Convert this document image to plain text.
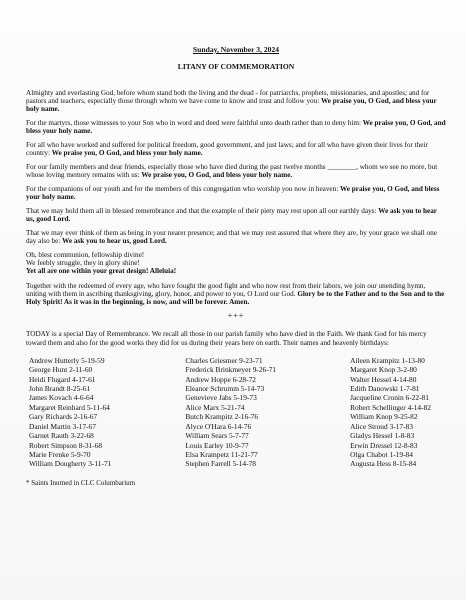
Sunday, November 3, 2024

LITANY OF COMMEMORATION

Almighty and everlasting God, before whom stand both the living and the dead - for patriarchs, prophets, missionaries, and apostles; and for pastors and teachers, especially those through whom we have come to know and trust and follow you: We praise you, O God, and bless your holy name.

For the martyrs, those witnesses to your Son who in word and deed were faithful unto death rather than to deny him: We praise you, O God, and bless your holy name.

For all who have worked and suffered for political freedom, good government, and just laws; and for all who have given their lives for their country: We praise you, O God, and bless your holy name.

For our family members and dear friends, especially those who have died during the past twelve months ________, whom we see no more, but whose loving memory remains with us: We praise you, O God, and bless your holy name.

For the companions of our youth and for the members of this congregation who worship you now in heaven: We praise you, O God, and bless your holy name.

That we may hold them all in blessed remembrance and that the example of their piety may rest upon all our earthly days: We ask you to hear us, good Lord.

That we may ever think of them as being in your nearer presence; and that we may rest assured that where they are, by your grace we shall one day also be: We ask you to hear us, good Lord.

Oh, blest communion, fellowship divine!
We feebly struggle, they in glory shine!
Yet all are one within your great design! Alleluia!

Together with the redeemed of every age, who have fought the good fight and who now rest from their labors, we join our unending hymn, uniting with them in ascribing thanksgiving, glory, honor, and power to you, O Lord our God. Glory be to the Father and to the Son and to the Holy Spirit! As it was in the beginning, is now, and will be forever. Amen.

+++

TODAY is a special Day of Remembrance. We recall all those in our parish family who have died in the Faith. We thank God for his mercy toward them and also for the good works they did for us during their years here on earth. Their names and heavenly birthdays:

Andrew Hutterly 5-19-59
George Hunt 2-11-60
Heidi Flugard 4-17-61
John Brandt 8-25-61
James Kovach 4-6-64
Margaret Reinhard 5-11-64
Gary Richards 2-16-67
Daniel Martin 3-17-67
Garnet Rauth 3-22-68
Robert Simpson 8-31-68
Marie Frenke 5-9-70
William Dougherty 3-11-71
Charles Griesmer 9-23-71
Frederick Brinkmeyer 9-26-71
Andrew Hoppe 6-28-72
Eleanor Schrumm 5-14-73
Genevieve Jabs 5-19-73
Alice Marx 5-21-74
Butch Krampitz 2-16-76
Alyce O'Hara 6-14-76
William Sears 5-7-77
Louis Earley 10-9-77
Elsa Krampetz 11-21-77
Stephen Farrell 5-14-78
Aileen Krampitz 1-13-80
Margaret Knop 3-2-80
Walter Hessel 4-14-80
Edith Danowski 1-7-81
Jacqueline Cronin 6-22-81
Robert Schellinger 4-14-82
William Knop 9-25-82
Alice Stroud 3-17-83
Gladys Hessel 1-8-83
Erwin Dressel 12-8-83
Olga Chabot 1-19-84
Augusta Hess 8-15-84
* Saints Inurned in CLC Columbarium
